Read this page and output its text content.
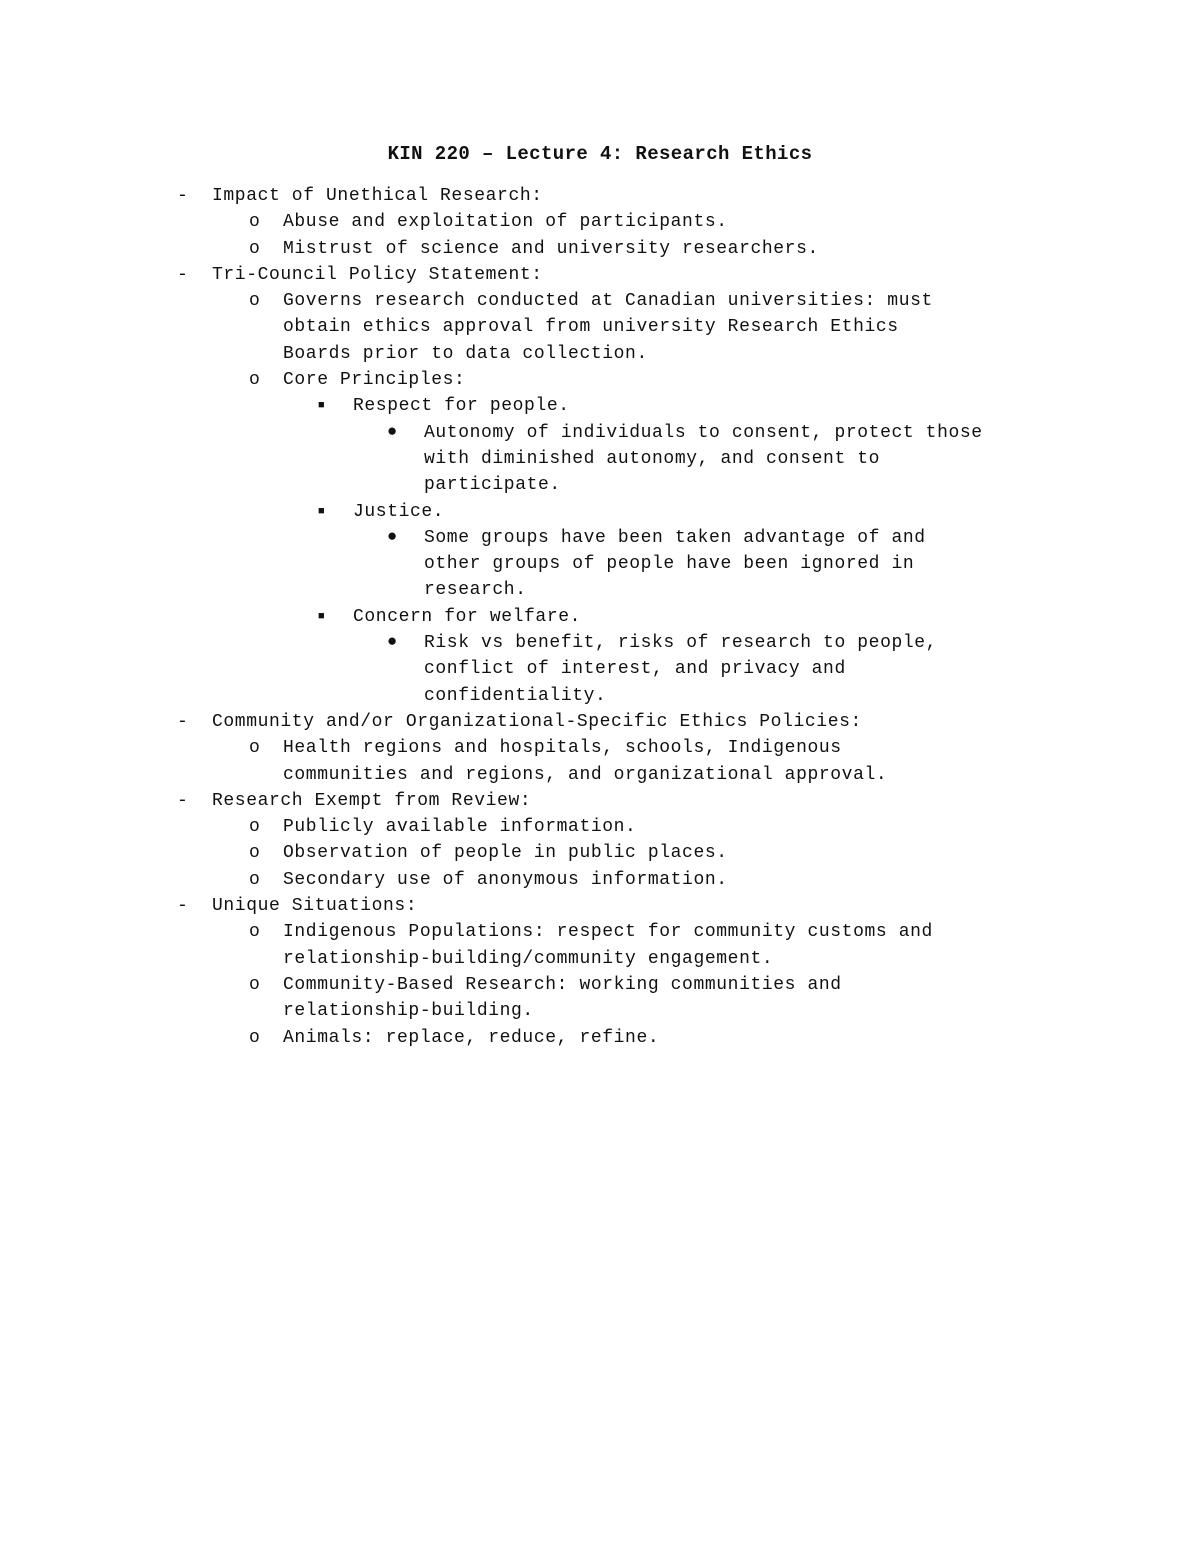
KIN 220 – Lecture 4: Research Ethics
- Impact of Unethical Research:
o Abuse and exploitation of participants.
o Mistrust of science and university researchers.
- Tri-Council Policy Statement:
o Governs research conducted at Canadian universities: must
obtain ethics approval from university Research Ethics
Boards prior to data collection.
o Core Principles:
■ Respect for people.
● Autonomy of individuals to consent, protect those
with diminished autonomy, and consent to
participate.
■ Justice.
● Some groups have been taken advantage of and
other groups of people have been ignored in
research.
■ Concern for welfare.
● Risk vs benefit, risks of research to people,
conflict of interest, and privacy and
confidentiality.
- Community and/or Organizational-Specific Ethics Policies:
o Health regions and hospitals, schools, Indigenous
communities and regions, and organizational approval.
- Research Exempt from Review:
o Publicly available information.
o Observation of people in public places.
o Secondary use of anonymous information.
- Unique Situations:
o Indigenous Populations: respect for community customs and
relationship-building/community engagement.
o Community-Based Research: working communities and
relationship-building.
o Animals: replace, reduce, refine.
